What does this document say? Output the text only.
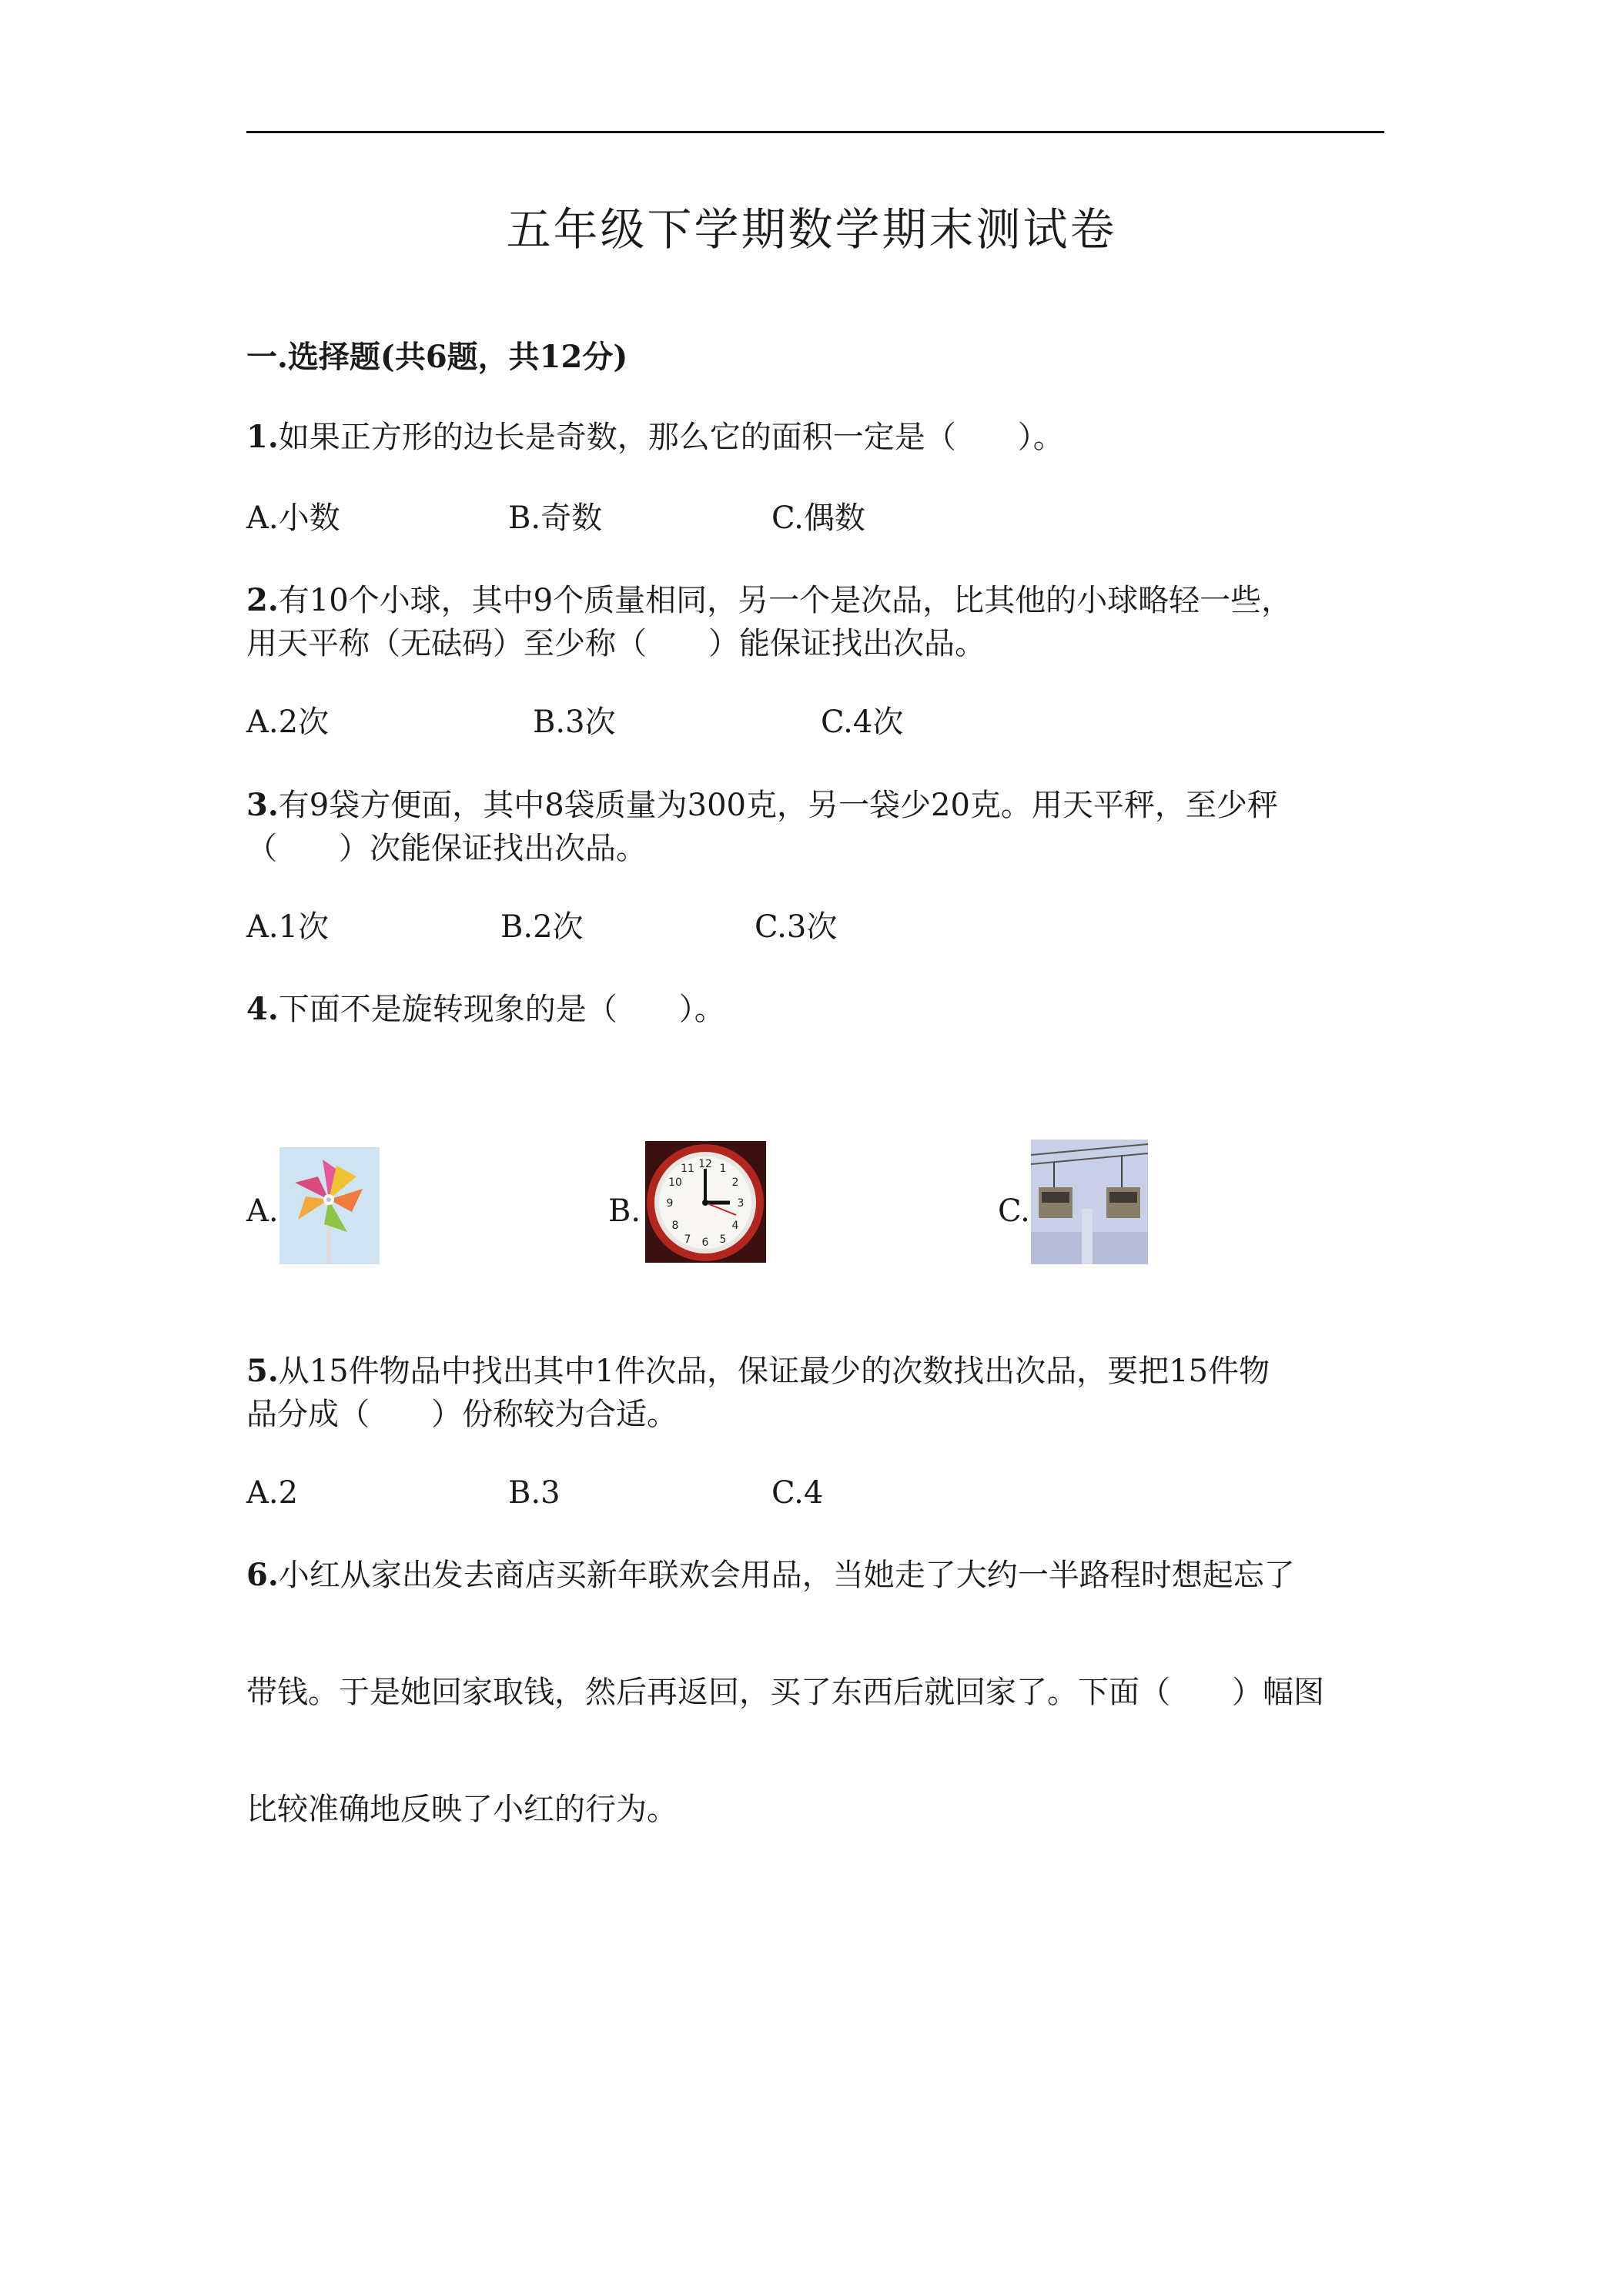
五年级下学期数学期末测试卷
一.选择题(共6题，共12分)
1.如果正方形的边长是奇数，那么它的面积一定是（　　）。
A.小数	B.奇数	C.偶数
2.有10个小球，其中9个质量相同，另一个是次品，比其他的小球略轻一些，
用天平称（无砝码）至少称（　　）能保证找出次品。
A.2次	B.3次	C.4次
3.有9袋方便面，其中8袋质量为300克，另一袋少20克。用天平秤，至少秤
（　　）次能保证找出次品。
A.1次	B.2次	C.3次
4.下面不是旋转现象的是（　　）。
A.	B.
12
3
6
9
1
2
4
5
7
8
10
11
C.
5.从15件物品中找出其中1件次品，保证最少的次数找出次品，要把15件物
品分成（　　）份称较为合适。
A.2	B.3	C.4
6.小红从家出发去商店买新年联欢会用品，当她走了大约一半路程时想起忘了
带钱。于是她回家取钱，然后再返回，买了东西后就回家了。下面（　　）幅图
比较准确地反映了小红的行为。
